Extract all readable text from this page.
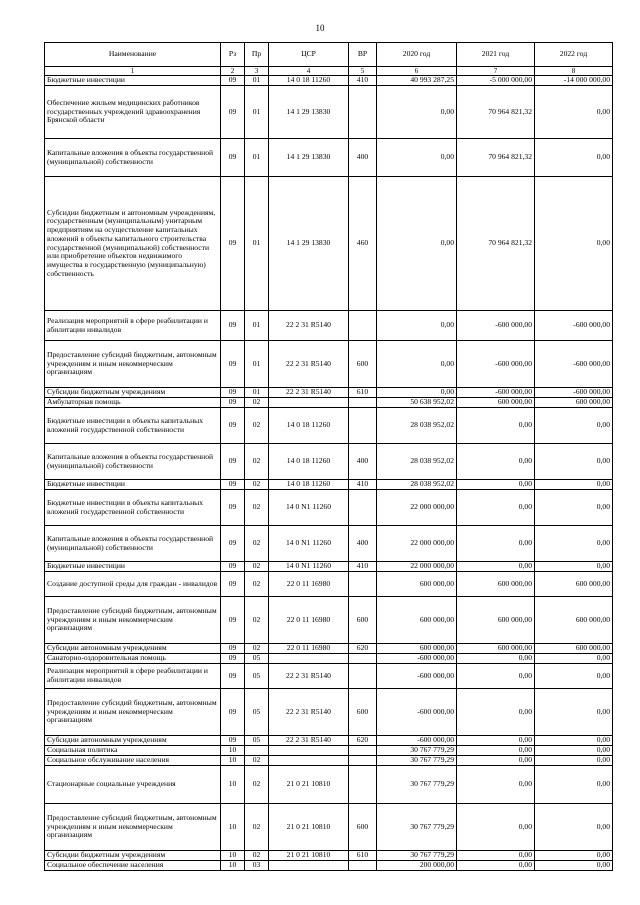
10
Наименование	Рз	Пр	ЦСР	ВР	2020 год	2021 год	2022 год
1	2	3	4	5	6	7	8
Бюджетные инвестиции	09	01	14 0 18 11260	410	40 993 287,25	-5 000 000,00	-14 000 000,00
Обеспечение жильем медицинских работников государственных учреждений здравоохранения Брянской области	09	01	14 1 29 13830		0,00	70 964 821,32	0,00
Капитальные вложения в объекты государственной (муниципальной) собственности	09	01	14 1 29 13830	400	0,00	70 964 821,32	0,00
Субсидии бюджетным и автономным учреждениям, государственным (муниципальным) унитарным предприятиям на осуществление капитальных вложений в объекты капитального строительства государственной (муниципальной) собственности или приобретение объектов недвижимого имущества в государственную (муниципальную) собственность	09	01	14 1 29 13830	460	0,00	70 964 821,32	0,00
Реализация мероприятий в сфере реабилитации и абилитации инвалидов	09	01	22 2 31 R5140		0,00	-600 000,00	-600 000,00
Предоставление субсидий бюджетным, автономным учреждениям и иным некоммерческим организациям	09	01	22 2 31 R5140	600	0,00	-600 000,00	-600 000,00
Субсидии бюджетным учреждениям	09	01	22 2 31 R5140	610	0,00	-600 000,00	-600 000,00
Амбулаторная помощь	09	02			50 638 952,02	600 000,00	600 000,00
Бюджетные инвестиции в объекты капитальных вложений государственной собственности	09	02	14 0 18 11260		28 038 952,02	0,00	0,00
Капитальные вложения в объекты государственной (муниципальной) собственности	09	02	14 0 18 11260	400	28 038 952,02	0,00	0,00
Бюджетные инвестиции	09	02	14 0 18 11260	410	28 038 952,02	0,00	0,00
Бюджетные инвестиции в объекты капитальных вложений государственной собственности	09	02	14 0 N1 11260		22 000 000,00	0,00	0,00
Капитальные вложения в объекты государственной (муниципальной) собственности	09	02	14 0 N1 11260	400	22 000 000,00	0,00	0,00
Бюджетные инвестиции	09	02	14 0 N1 11260	410	22 000 000,00	0,00	0,00
Создание доступной среды для граждан - инвалидов	09	02	22 0 11 16980		600 000,00	600 000,00	600 000,00
Предоставление субсидий бюджетным, автономным учреждениям и иным некоммерческим организациям	09	02	22 0 11 16980	600	600 000,00	600 000,00	600 000,00
Субсидии автономным учреждениям	09	02	22 0 11 16980	620	600 000,00	600 000,00	600 000,00
Санаторно-оздоровительная помощь	09	05			-600 000,00	0,00	0,00
Реализация мероприятий в сфере реабилитации и абилитации инвалидов	09	05	22 2 31 R5140		-600 000,00	0,00	0,00
Предоставление субсидий бюджетным, автономным учреждениям и иным некоммерческим организациям	09	05	22 2 31 R5140	600	-600 000,00	0,00	0,00
Субсидии автономным учреждениям	09	05	22 2 31 R5140	620	-600 000,00	0,00	0,00
Социальная политика	10				30 767 779,29	0,00	0,00
Социальное обслуживание населения	10	02			30 767 779,29	0,00	0,00
Стационарные социальные учреждения	10	02	21 0 21 10810		30 767 779,29	0,00	0,00
Предоставление субсидий бюджетным, автономным учреждениям и иным некоммерческим организациям	10	02	21 0 21 10810	600	30 767 779,29	0,00	0,00
Субсидии бюджетным учреждениям	10	02	21 0 21 10810	610	30 767 779,29	0,00	0,00
Социальное обеспечение населения	10	03			200 000,00	0,00	0,00
